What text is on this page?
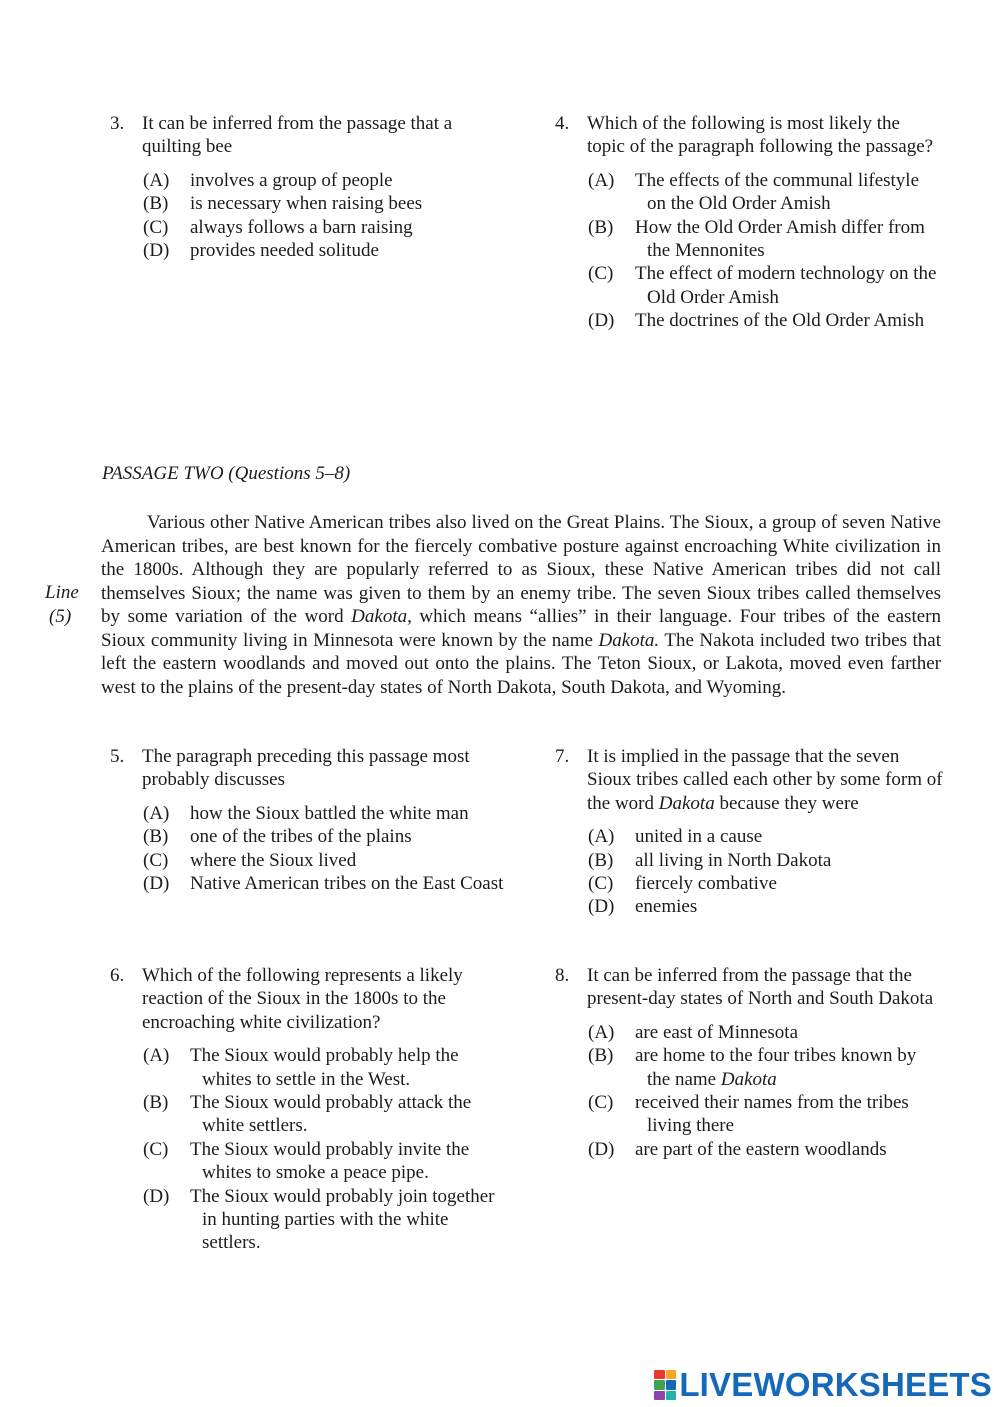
3. It can be inferred from the passage that a quilting bee
(A)	involves a group of people
(B)	is necessary when raising bees
(C)	always follows a barn raising
(D)	provides needed solitude
4. Which of the following is most likely the topic of the paragraph following the passage?
(A)	The effects of the communal lifestyle on the Old Order Amish
(B)	How the Old Order Amish differ from the Mennonites
(C)	The effect of modern technology on the Old Order Amish
(D)	The doctrines of the Old Order Amish
PASSAGE TWO (Questions 5–8)
Line
(5)

Various other Native American tribes also lived on the Great Plains. The Sioux, a group of seven Native American tribes, are best known for the fiercely combative posture against encroaching White civilization in the 1800s. Although they are popularly referred to as Sioux, these Native American tribes did not call themselves Sioux; the name was given to them by an enemy tribe. The seven Sioux tribes called themselves by some variation of the word Dakota, which means “allies” in their language. Four tribes of the eastern Sioux community living in Minnesota were known by the name Dakota. The Nakota included two tribes that left the eastern woodlands and moved out onto the plains. The Teton Sioux, or Lakota, moved even farther west to the plains of the present-day states of North Dakota, South Dakota, and Wyoming.

5. The paragraph preceding this passage most probably discusses
(A)	how the Sioux battled the white man
(B)	one of the tribes of the plains
(C)	where the Sioux lived
(D)	Native American tribes on the East Coast
6. Which of the following represents a likely reaction of the Sioux in the 1800s to the encroaching white civilization?
(A)	The Sioux would probably help the whites to settle in the West.
(B)	The Sioux would probably attack the white settlers.
(C)	The Sioux would probably invite the whites to smoke a peace pipe.
(D)	The Sioux would probably join together in hunting parties with the white settlers.
7. It is implied in the passage that the seven Sioux tribes called each other by some form of the word Dakota because they were
(A)	united in a cause
(B)	all living in North Dakota
(C)	fiercely combative
(D)	enemies
8. It can be inferred from the passage that the present-day states of North and South Dakota
(A)	are east of Minnesota
(B)	are home to the four tribes known by the name Dakota
(C)	received their names from the tribes living there
(D)	are part of the eastern woodlands
LIVEWORKSHEETS
